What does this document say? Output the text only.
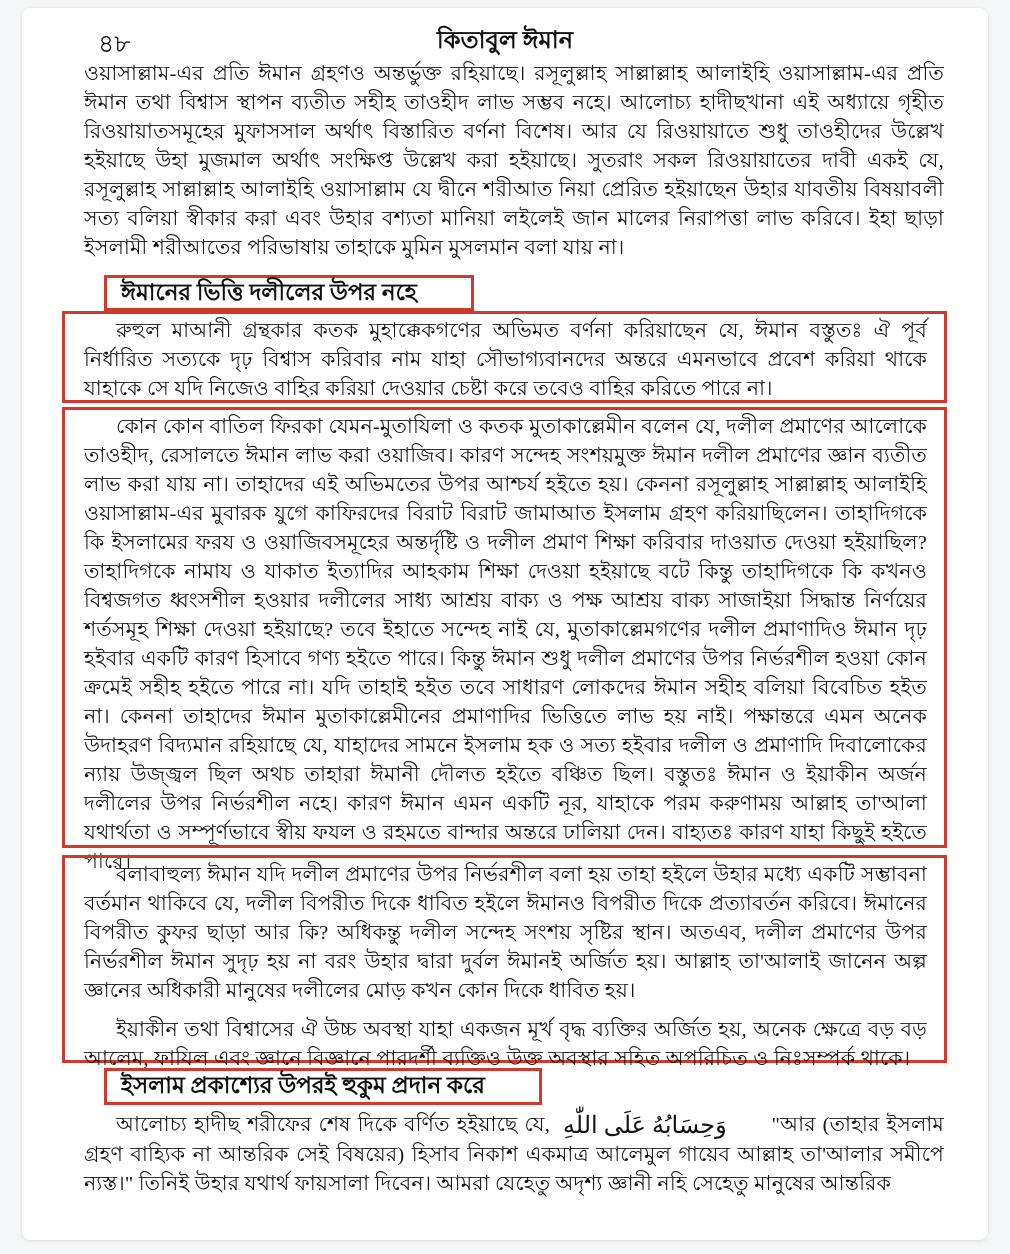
৪৮	কিতাবুল ঈমান

ওয়াসাল্লাম-এর প্রতি ঈমান গ্রহণও অন্তর্ভুক্ত রহিয়াছে। রসূলুল্লাহ সাল্লাল্লাহ আলাইহি ওয়াসাল্লাম-এর প্রতি ঈমান তথা বিশ্বাস স্থাপন ব্যতীত সহীহ তাওহীদ লাভ সম্ভব নহে। আলোচ্য হাদীছখানা এই অধ্যায়ে গৃহীত রিওয়ায়াতসমূহের মুফাসসাল অর্থাৎ বিস্তারিত বর্ণনা বিশেষ। আর যে রিওয়ায়াতে শুধু তাওহীদের উল্লেখ হইয়াছে উহা মুজমাল অর্থাৎ সংক্ষিপ্ত উল্লেখ করা হইয়াছে। সুতরাং সকল রিওয়ায়াতের দাবী একই যে, রসূলুল্লাহ সাল্লাল্লাহ আলাইহি ওয়াসাল্লাম যে দ্বীনে শরীআত নিয়া প্রেরিত হইয়াছেন উহার যাবতীয় বিষয়াবলী সত্য বলিয়া স্বীকার করা এবং উহার বশ্যতা মানিয়া লইলেই জান মালের নিরাপত্তা লাভ করিবে। ইহা ছাড়া ইসলামী শরীআতের পরিভাষায় তাহাকে মুমিন মুসলমান বলা যায় না।

ঈমানের ভিত্তি দলীলের উপর নহে

রুহুল মাআনী গ্রন্থকার কতক মুহাক্কেকগণের অভিমত বর্ণনা করিয়াছেন যে, ঈমান বস্তুতঃ ঐ পূর্ব নির্ধারিত সত্যকে দৃঢ় বিশ্বাস করিবার নাম যাহা সৌভাগ্যবানদের অন্তরে এমনভাবে প্রবেশ করিয়া থাকে যাহাকে সে যদি নিজেও বাহির করিয়া দেওয়ার চেষ্টা করে তবেও বাহির করিতে পারে না।

কোন কোন বাতিল ফিরকা যেমন-মুতাযিলা ও কতক মুতাকাল্লেমীন বলেন যে, দলীল প্রমাণের আলোকে তাওহীদ, রেসালতে ঈমান লাভ করা ওয়াজিব। কারণ সন্দেহ সংশয়মুক্ত ঈমান দলীল প্রমাণের জ্ঞান ব্যতীত লাভ করা যায় না। তাহাদের এই অভিমতের উপর আশ্চর্য হইতে হয়। কেননা রসূলুল্লাহ সাল্লাল্লাহ আলাইহি ওয়াসাল্লাম-এর মুবারক যুগে কাফিরদের বিরাট বিরাট জামাআত ইসলাম গ্রহণ করিয়াছিলেন। তাহাদিগকে কি ইসলামের ফরয ও ওয়াজিবসমূহের অন্তর্দৃষ্টি ও দলীল প্রমাণ শিক্ষা করিবার দাওয়াত দেওয়া হইয়াছিল? তাহাদিগকে নামায ও যাকাত ইত্যাদির আহকাম শিক্ষা দেওয়া হইয়াছে বটে কিন্তু তাহাদিগকে কি কখনও বিশ্বজগত ধ্বংসশীল হওয়ার দলীলের সাধ্য আশ্রয় বাক্য ও পক্ষ আশ্রয় বাক্য সাজাইয়া সিদ্ধান্ত নির্ণয়ের শর্তসমূহ শিক্ষা দেওয়া হইয়াছে? তবে ইহাতে সন্দেহ নাই যে, মুতাকাল্লেমগণের দলীল প্রমাণাদিও ঈমান দৃঢ় হইবার একটি কারণ হিসাবে গণ্য হইতে পারে। কিন্তু ঈমান শুধু দলীল প্রমাণের উপর নির্ভরশীল হওয়া কোন ক্রমেই সহীহ হইতে পারে না। যদি তাহাই হইত তবে সাধারণ লোকদের ঈমান সহীহ বলিয়া বিবেচিত হইত না। কেননা তাহাদের ঈমান মুতাকাল্লেমীনের প্রমাণাদির ভিত্তিতে লাভ হয় নাই। পক্ষান্তরে এমন অনেক উদাহরণ বিদ্যমান রহিয়াছে যে, যাহাদের সামনে ইসলাম হক ও সত্য হইবার দলীল ও প্রমাণাদি দিবালোকের ন্যায় উজ্জ্বল ছিল অথচ তাহারা ঈমানী দৌলত হইতে বঞ্চিত ছিল। বস্তুতঃ ঈমান ও ইয়াকীন অর্জন দলীলের উপর নির্ভরশীল নহে। কারণ ঈমান এমন একটি নূর, যাহাকে পরম করুণাময় আল্লাহ তা'আলা যথার্থতা ও সম্পূর্ণভাবে স্বীয় ফযল ও রহমতে বান্দার অন্তরে ঢালিয়া দেন। বাহ্যতঃ কারণ যাহা কিছুই হইতে পারে।

বলাবাহুল্য ঈমান যদি দলীল প্রমাণের উপর নির্ভরশীল বলা হয় তাহা হইলে উহার মধ্যে একটি সম্ভাবনা বর্তমান থাকিবে যে, দলীল বিপরীত দিকে ধাবিত হইলে ঈমানও বিপরীত দিকে প্রত্যাবর্তন করিবে। ঈমানের বিপরীত কুফর ছাড়া আর কি? অধিকন্তু দলীল সন্দেহ সংশয় সৃষ্টির স্থান। অতএব, দলীল প্রমাণের উপর নির্ভরশীল ঈমান সুদৃঢ় হয় না বরং উহার দ্বারা দুর্বল ঈমানই অর্জিত হয়। আল্লাহ তা'আলাই জানেন অল্প জ্ঞানের অধিকারী মানুষের দলীলের মোড় কখন কোন দিকে ধাবিত হয়।

ইয়াকীন তথা বিশ্বাসের ঐ উচ্চ অবস্থা যাহা একজন মূর্খ বৃদ্ধ ব্যক্তির অর্জিত হয়, অনেক ক্ষেত্রে বড় বড় আলেম, ফাযিল এবং জ্ঞানে বিজ্ঞানে পারদর্শী ব্যক্তিও উক্ত অবস্থার সহিত অপরিচিত ও নিঃসম্পর্ক থাকে।

ইসলাম প্রকাশ্যের উপরই হুকুম প্রদান করে

আলোচ্য হাদীছ শরীফের শেষ দিকে বর্ণিত হইয়াছে যে, وَحِسَابُهُ عَلَى اللّٰهِ "আর (তাহার ইসলাম গ্রহণ বাহ্যিক না আন্তরিক সেই বিষয়ের) হিসাব নিকাশ একমাত্র আলেমুল গায়েব আল্লাহ তা'আলার সমীপে ন্যস্ত।" তিনিই উহার যথার্থ ফায়সালা দিবেন। আমরা যেহেতু অদৃশ্য জ্ঞানী নহি সেহেতু মানুষের আন্তরিক
